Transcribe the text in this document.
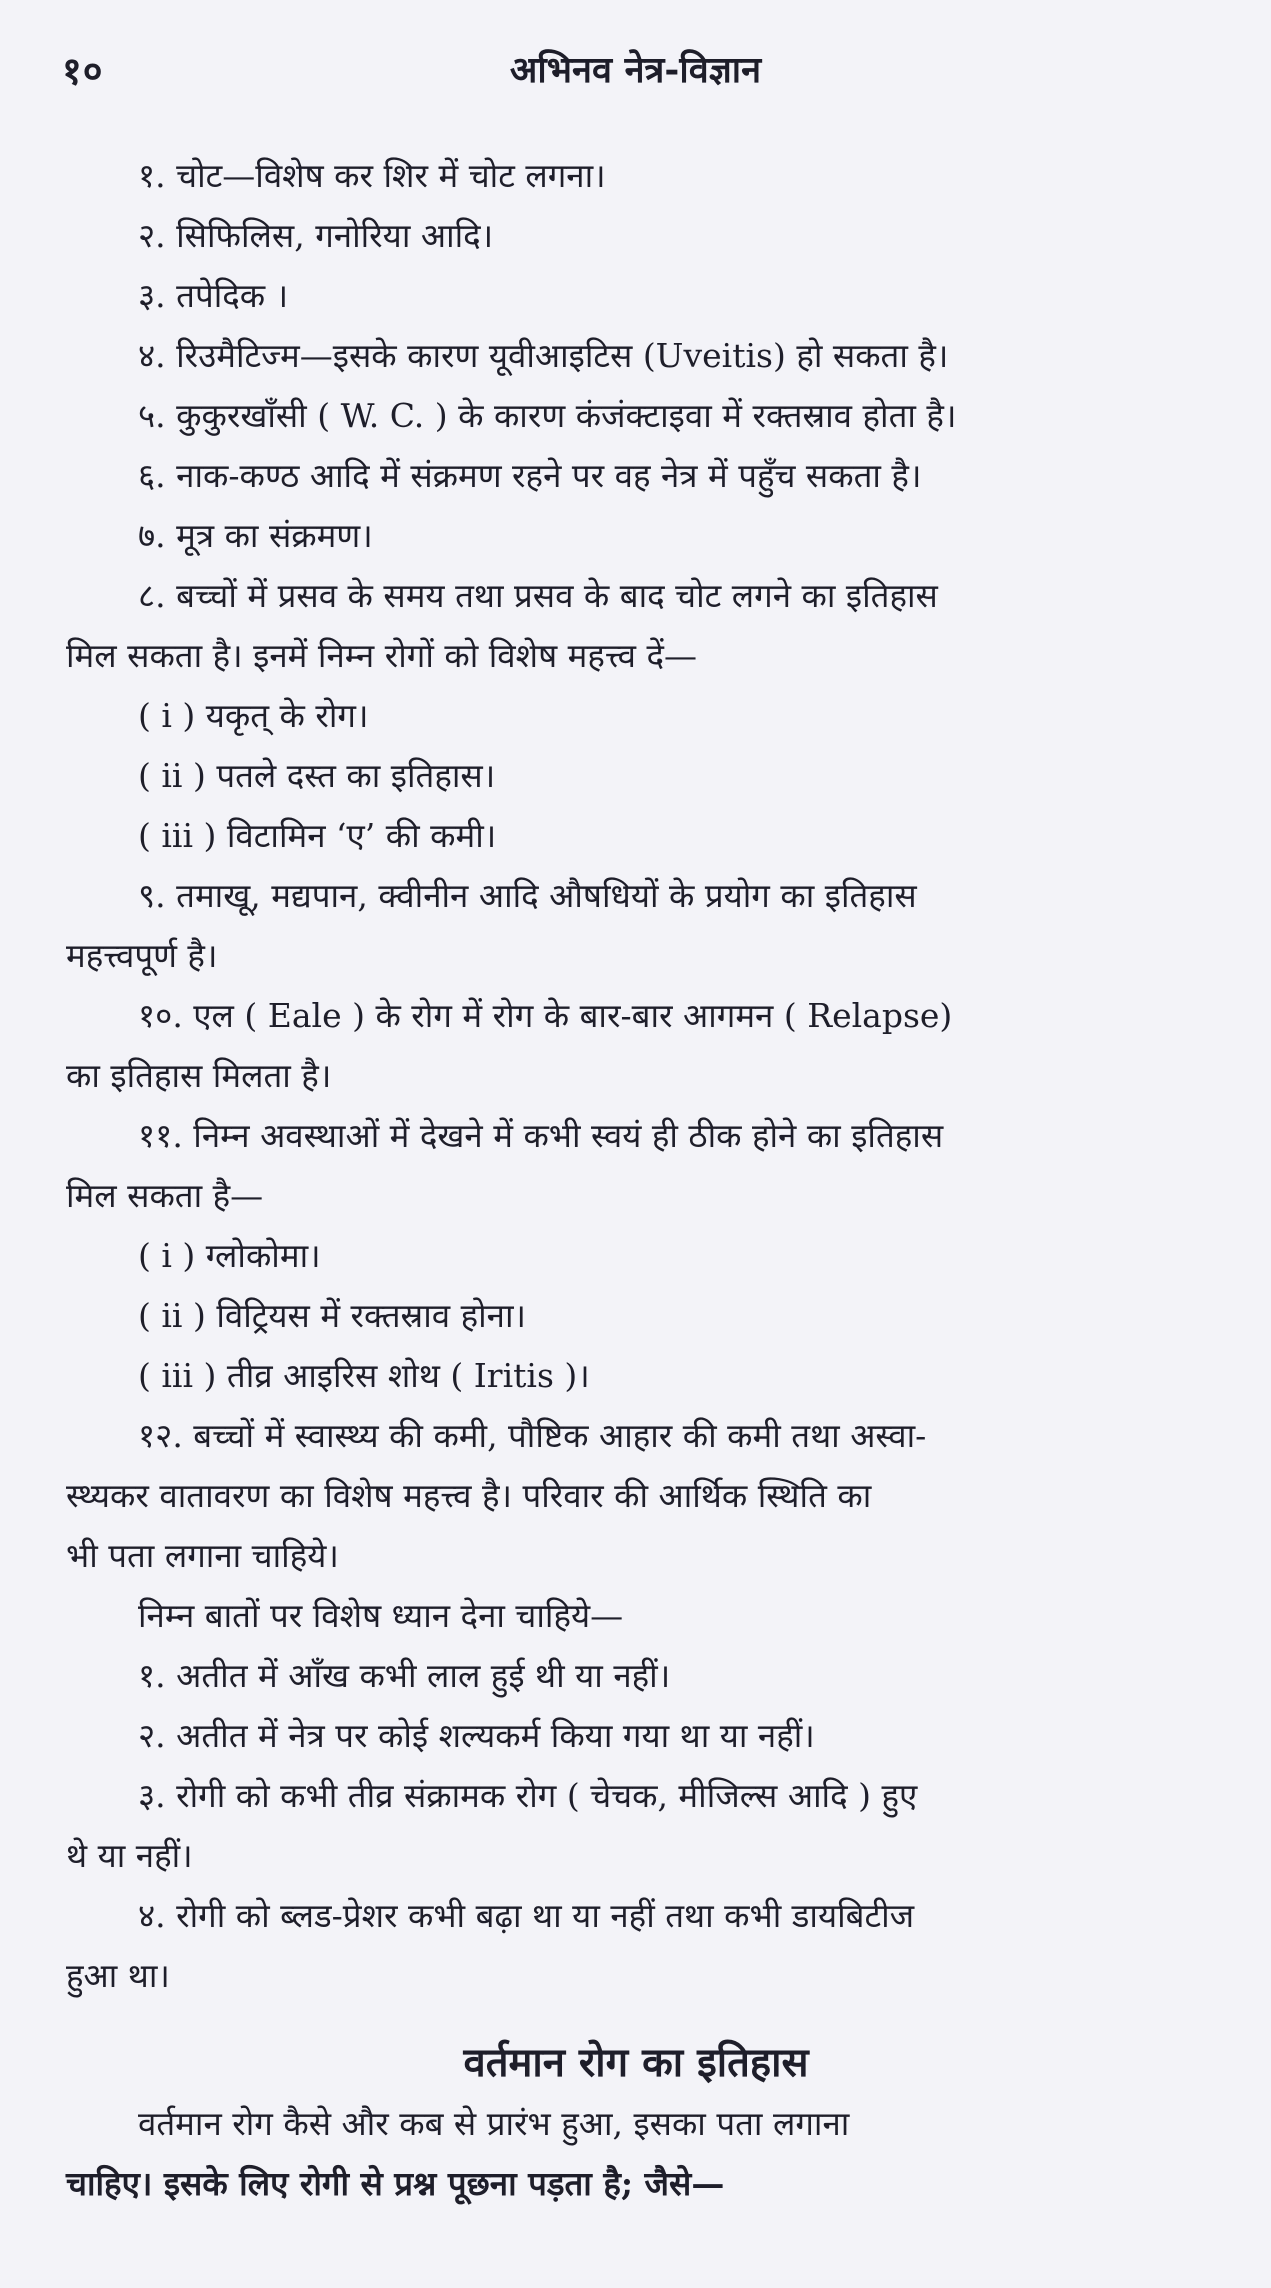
१०	अभिनव नेत्र-विज्ञान

१. चोट—विशेष कर शिर में चोट लगना।

२. सिफिलिस, गनोरिया आदि।

३. तपेदिक ।

४. रिउमैटिज्म—इसके कारण यूवीआइटिस (Uveitis) हो सकता है।

५. कुकुरखाँसी ( W. C. ) के कारण कंजंक्टाइवा में रक्तस्राव होता है।

६. नाक-कण्ठ आदि में संक्रमण रहने पर वह नेत्र में पहुँच सकता है।

७. मूत्र का संक्रमण।

८. बच्चों में प्रसव के समय तथा प्रसव के बाद चोट लगने का इतिहास

मिल सकता है। इनमें निम्न रोगों को विशेष महत्त्व दें—

( i ) यकृत् के रोग।

( ii ) पतले दस्त का इतिहास।

( iii ) विटामिन ‘ए’ की कमी।

९. तमाखू, मद्यपान, क्वीनीन आदि औषधियों के प्रयोग का इतिहास

महत्त्वपूर्ण है।

१०. एल ( Eale ) के रोग में रोग के बार-बार आगमन ( Relapse)

का इतिहास मिलता है।

११. निम्न अवस्थाओं में देखने में कभी स्वयं ही ठीक होने का इतिहास

मिल सकता है—

( i ) ग्लोकोमा।

( ii ) विट्रियस में रक्तस्राव होना।

( iii ) तीव्र आइरिस शोथ ( Iritis )।

१२. बच्चों में स्वास्थ्य की कमी, पौष्टिक आहार की कमी तथा अस्वा-

स्थ्यकर वातावरण का विशेष महत्त्व है। परिवार की आर्थिक स्थिति का

भी पता लगाना चाहिये।

निम्न बातों पर विशेष ध्यान देना चाहिये—

१. अतीत में आँख कभी लाल हुई थी या नहीं।

२. अतीत में नेत्र पर कोई शल्यकर्म किया गया था या नहीं।

३. रोगी को कभी तीव्र संक्रामक रोग ( चेचक, मीजिल्स आदि ) हुए

थे या नहीं।

४. रोगी को ब्लड-प्रेशर कभी बढ़ा था या नहीं तथा कभी डायबिटीज

हुआ था।

वर्तमान रोग का इतिहास

वर्तमान रोग कैसे और कब से प्रारंभ हुआ, इसका पता लगाना

चाहिए। इसके लिए रोगी से प्रश्न पूछना पड़ता है; जैसे—
